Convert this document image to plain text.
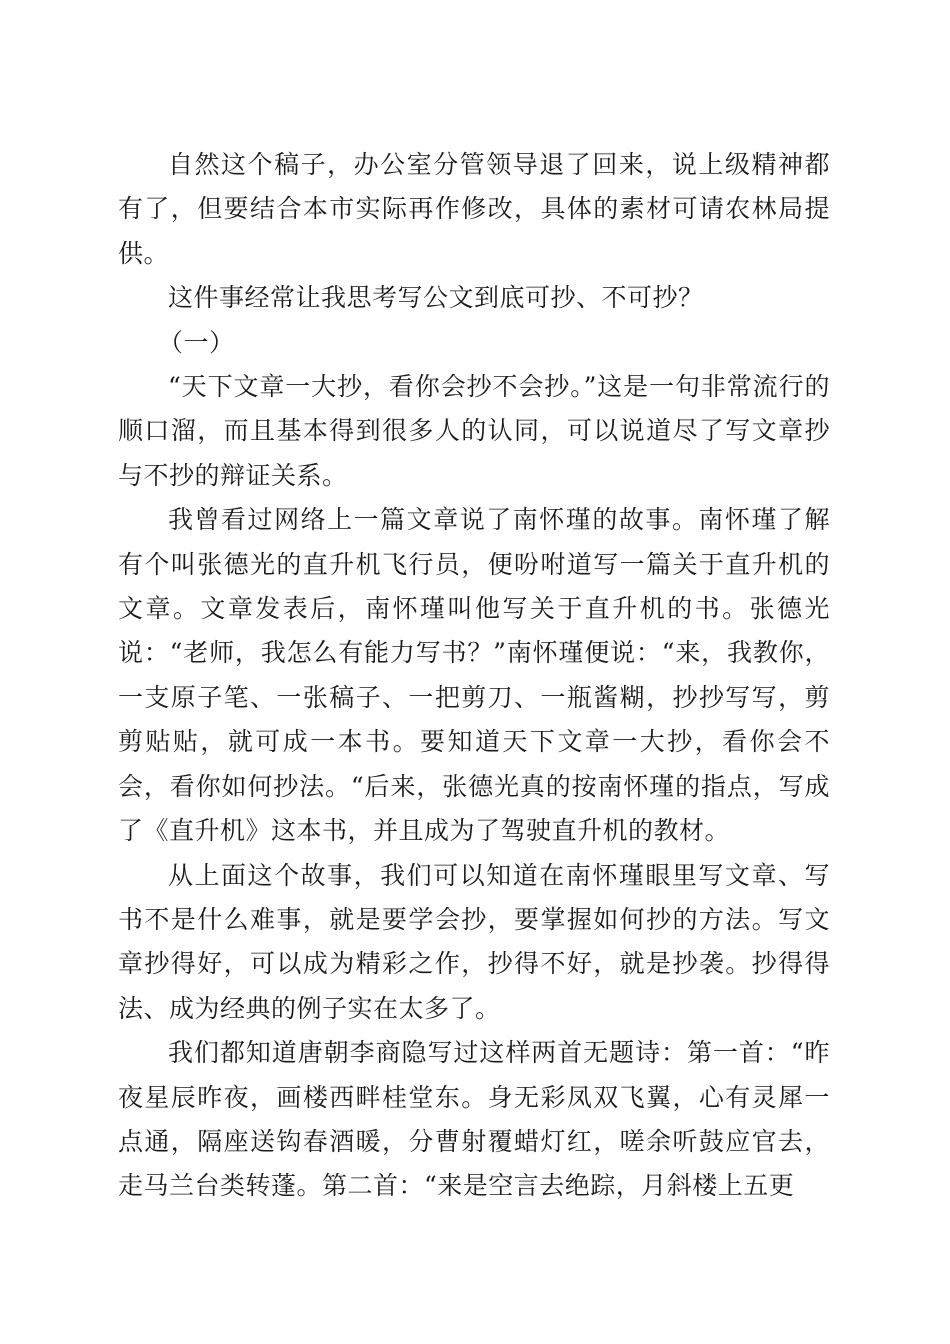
自然这个稿子，办公室分管领导退了回来，说上级精神都有了，但要结合本市实际再作修改，具体的素材可请农林局提供。

这件事经常让我思考写公文到底可抄、不可抄？

（一）

“天下文章一大抄，看你会抄不会抄。”这是一句非常流行的顺口溜，而且基本得到很多人的认同，可以说道尽了写文章抄与不抄的辩证关系。

我曾看过网络上一篇文章说了南怀瑾的故事。南怀瑾了解有个叫张德光的直升机飞行员，便吩咐道写一篇关于直升机的文章。文章发表后，南怀瑾叫他写关于直升机的书。张德光说：“老师，我怎么有能力写书？”南怀瑾便说：“来，我教你，一支原子笔、一张稿子、一把剪刀、一瓶酱糊，抄抄写写，剪剪贴贴，就可成一本书。要知道天下文章一大抄，看你会不会，看你如何抄法。“后来，张德光真的按南怀瑾的指点，写成了《直升机》这本书，并且成为了驾驶直升机的教材。

从上面这个故事，我们可以知道在南怀瑾眼里写文章、写书不是什么难事，就是要学会抄，要掌握如何抄的方法。写文章抄得好，可以成为精彩之作，抄得不好，就是抄袭。抄得得法、成为经典的例子实在太多了。

我们都知道唐朝李商隐写过这样两首无题诗：第一首：“昨夜星辰昨夜，画楼西畔桂堂东。身无彩凤双飞翼，心有灵犀一点通，隔座送钩春酒暖，分曹射覆蜡灯红，嗟余听鼓应官去，走马兰台类转蓬。第二首：“来是空言去绝踪，月斜楼上五更
